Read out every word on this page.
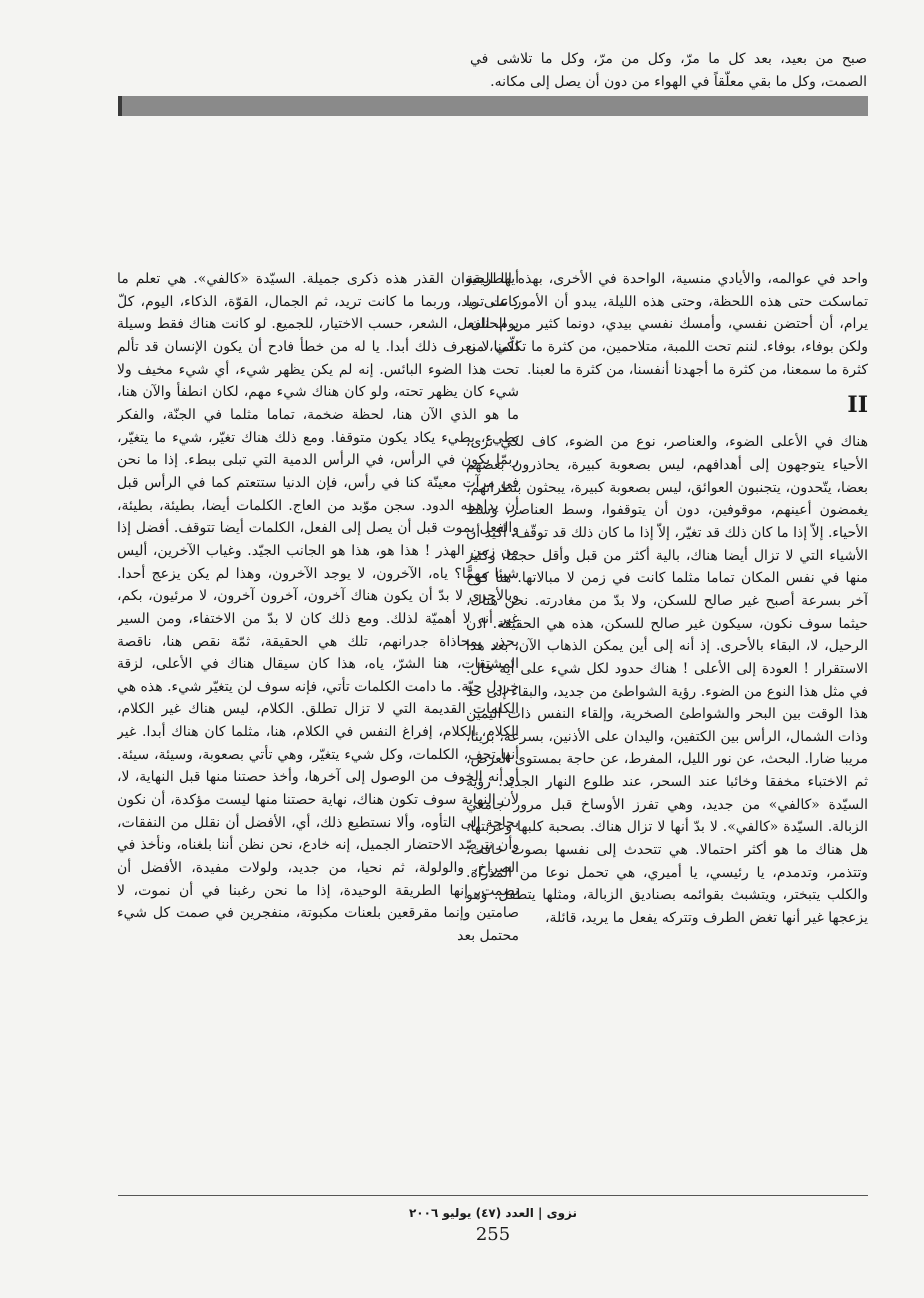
صبح من بعيد، بعد كل ما مرّ، وكل من مرّ، وكل ما تلاشى في الصمت، وكل ما بقي معلّقاً في الهواء من دون أن يصل إلى مكانه.

واحد في عوالمه، والأيادي منسية، الواحدة في الأخرى، بهذه الطريقة تماسكت حتى هذه اللحظة، وحتى هذه الليلة، يبدو أن الأمور على ما يرام، أن أحتضن نفسي، وأمسك نفسي بيدي، دونما كثير من الحنان، ولكن بوفاء، بوفاء. لننم تحت اللمبة، متلاحمين، من كثرة ما تكلّمنا، من كثرة ما سمعنا، من كثرة ما أجهدنا أنفسنا، من كثرة ما لعبنا.

II

هناك في الأعلى الضوء، والعناصر، نوع من الضوء، كاف لكي نرى، الأحياء يتوجهون إلى أهدافهم، ليس بصعوبة كبيرة، يحاذرون بعضهم بعضا، يتّحدون، يتجنبون العوائق، ليس بصعوبة كبيرة، يبحثون بنظراتهم، يغمضون أعينهم، موقوفين، دون أن يتوقفوا، وسط العناصر، وسط الأحياء. إلاّ إذا ما كان ذلك قد تغيّر، إلاّ إذا ما كان ذلك قد توقّف. أكيد أن الأشياء التي لا تزال أيضا هناك، بالية أكثر من قبل وأقل حجما، وكثير منها في نفس المكان تماما مثلما كانت في زمن لا مبالاتها. هنا كوخ آخر بسرعة أصبح غير صالح للسكن، ولا بدّ من مغادرته. نحن هناك، حيثما سوف نكون، سيكون غير صالح للسكن، هذه هي الحقيقة. اذن الرحيل، لا، البقاء بالأحرى. إذ أنه إلى أين يمكن الذهاب الآن، بعد هذا الاستقرار ! العودة إلى الأعلى ! هناك حدود لكل شيء على أية حال. في مثل هذا النوع من الضوء. رؤية الشواطئ من جديد، والبقاء إلى حدّ هذا الوقت بين البحر والشواطئ الصخرية، وإلقاء النفس ذات اليمين وذات الشمال، الرأس بين الكتفين، واليدان على الأذنين، بسرعة، بريئا، مريبا ضارا. البحث، عن نور الليل، المفرط، عن حاجة بمستوى العرض، ثم الاختباء مخفقا وخائبا عند السحر، عند طلوع النهار الجديد. رؤية السيّدة «كالفي» من جديد، وهي تفرز الأوساخ قبل مرور جامعي الزبالة. السيّدة «كالفي». لا بدّ أنها لا تزال هناك. بصحبة كلبها وعربتها. هل هناك ما هو أكثر احتمالا. هي تتحدث إلى نفسها بصوت خافت، وتتذمر، وتدمدم، يا رئيسي، يا أميري، هي تحمل نوعا من المذراة. والكلب يتبختر، ويتشبث بقوائمه بصناديق الزبالة، ومثلها يتطفل. وهو يزعجها غير أنها تغض الطرف وتتركه يفعل ما يريد، قائلة،

أيها الحيوان القذر هذه ذكرى جميلة. السيّدة «كالفي». هي تعلم ما كانت تريد، وربما ما كانت تريد، ثم الجمال، القوّة، الذكاء، اليوم، كلّ يوم، الفعل، الشعر، حسب الاختيار، للجميع. لو كانت هناك فقط وسيلة لكي لا نعرف ذلك أبدا. يا له من خطأ فادح أن يكون الإنسان قد تألم تحت هذا الضوء البائس. إنه لم يكن يظهر شيء، أي شيء مخيف ولا شيء كان يظهر تحته، ولو كان هناك شيء مهم، لكان انطفأ والآن هنا، ما هو الذي الآن هنا، لحظة ضخمة، تماما مثلما في الجنّة، والفكر بطيء، بطيء يكاد يكون متوقفا. ومع ذلك هناك تغيّر، شيء ما يتغيّر، ربمّا يكون في الرأس، في الرأس الدمية التي تبلى ببطء. إذا ما نحن في مرآت معينّة كنا في رأس، فإن الدنيا ستتعتم كما في الرأس قبل أن يداهمه الدود. سجن موّبد من العاج. الكلمات أيضا، بطيئة، بطيئة، والفعل يموت قبل أن يصل إلى الفعل، الكلمات أيضا تتوقف. أفضل إذا من زمن الهذر ! هذا هو، هذا هو الجانب الجيّد. وغياب الآخرين، أليس شيئا مهمًّا؟ ياه، الآخرون، لا يوجد الآخرون، وهذا لم يكن يزعج أحدا. وبالأحرى لا بدّ أن يكون هناك آخرون، آخرون آخرون، لا مرئيون، بكم، غير أنه لا أهميّة لذلك. ومع ذلك كان لا بدّ من الاختفاء، ومن السير بحذر بمحاذاة جدرانهم، تلك هي الحقيقة، ثمّة نقص هنا، ناقصة المشتقات، هنا الشرّ، ياه، هذا كان سيقال هناك في الأعلى، لزقة خردل حيّة. ما دامت الكلمات تأتي، فإنه سوف لن يتغيّر شيء. هذه هي الكلمات القديمة التي لا تزال تطلق. الكلام، ليس هناك غير الكلام، الكلام، الكلام، إفراغ النفس في الكلام، هنا، مثلما كان هناك أبدا. غير أنها تجف، الكلمات، وكل شيء يتغيّر، وهي تأتي بصعوبة، وسيئة، سيئة. أو أنه الخوف من الوصول إلى آخرها، وأخذ حصتنا منها قبل النهاية، لا، لأن النهاية سوف تكون هناك، نهاية حصتنا منها ليست مؤكدة، أن نكون بحاجة إلى التأوه، وألا نستطيع ذلك، أي، الأفضل أن نقلل من النفقات، وأن نترصّد الاحتضار الجميل، إنه خادع، نحن نظن أننا بلغناه، ونأخذ في الصراخ، والولولة، ثم نحيا، من جديد، ولولات مفيدة، الأفضل أن نصمت، إنها الطريقة الوحيدة، إذا ما نحن رغبنا في أن نموت، لا صامتين وإنما مقرقعين بلعنات مكبوتة، منفجرين في صمت كل شيء محتمل بعد

نزوى | العدد (٤٧) يوليو ٢٠٠٦
255
